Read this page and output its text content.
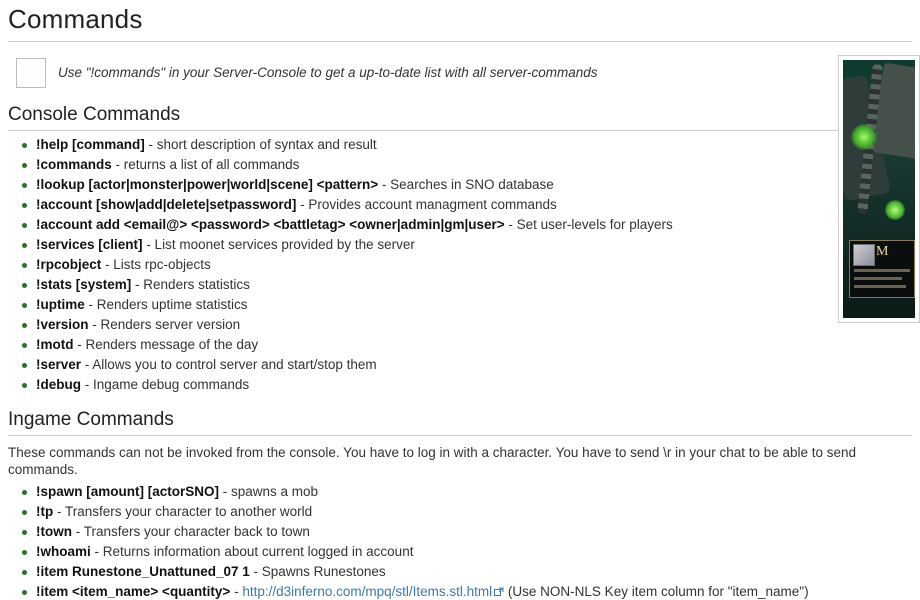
Commands
Use "!commands" in your Server-Console to get a up-to-date list with all server-commands
Console Commands
!help [command] - short description of syntax and result
!commands - returns a list of all commands
!lookup [actor|monster|power|world|scene] <pattern> - Searches in SNO database
!account [show|add|delete|setpassword] - Provides account managment commands
!account add <email@> <password> <battletag> <owner|admin|gm|user> - Set user-levels for players
!services [client] - List moonet services provided by the server
!rpcobject - Lists rpc-objects
!stats [system] - Renders statistics
!uptime - Renders uptime statistics
!version - Renders server version
!motd - Renders message of the day
!server - Allows you to control server and start/stop them
!debug - Ingame debug commands
Ingame Commands

These commands can not be invoked from the console. You have to log in with a character. You have to send \r in your chat to be able to send commands.

!spawn [amount] [actorSNO] - spawns a mob
!tp - Transfers your character to another world
!town - Transfers your character back to town
!whoami - Returns information about current logged in account
!item Runestone_Unattuned_07 1 - Spawns Runestones
!item <item_name> <quantity> - http://d3inferno.com/mpq/stl/Items.stl.html
(Use NON-NLS Key item column for "item_name")
M
